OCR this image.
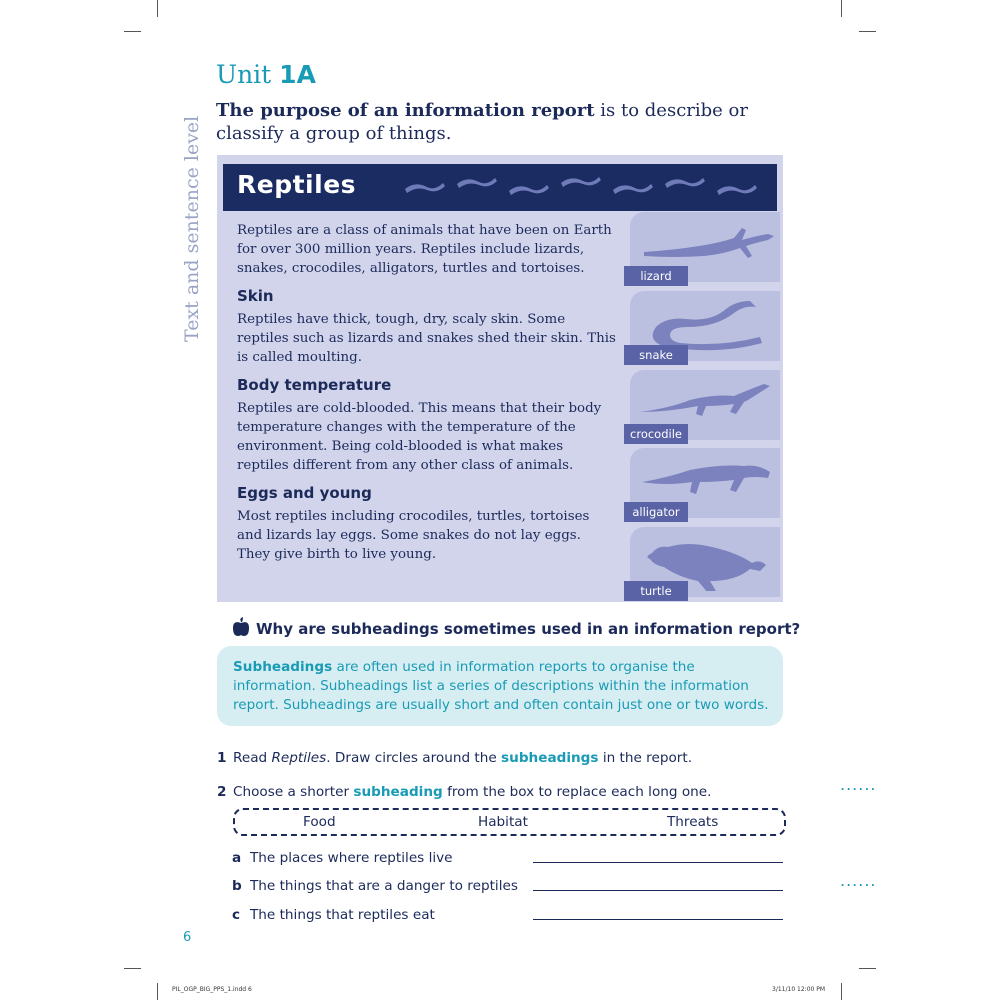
Text and sentence level
Unit 1A
The purpose of an information report is to describe or classify a group of things.
Reptiles

Reptiles are a class of animals that have been on Earth for over 300 million years. Reptiles include lizards, snakes, crocodiles, alligators, turtles and tortoises.

Skin

Reptiles have thick, tough, dry, scaly skin. Some reptiles such as lizards and snakes shed their skin. This is called moulting.

Body temperature

Reptiles are cold-blooded. This means that their body temperature changes with the temperature of the environment. Being cold-blooded is what makes reptiles different from any other class of animals.

Eggs and young

Most reptiles including crocodiles, turtles, tortoises and lizards lay eggs. Some snakes do not lay eggs. They give birth to live young.

lizard
snake
crocodile
alligator
turtle
Why are subheadings sometimes used in an information report?
Subheadings are often used in information reports to organise the information. Subheadings list a series of descriptions within the information report. Subheadings are usually short and often contain just one or two words.
1 Read Reptiles. Draw circles around the subheadings in the report.
......
2 Choose a shorter subheading from the box to replace each long one.
Food	Habitat	Threats
a The places where reptiles live
b The things that are a danger to reptiles	......
c The things that reptiles eat
6
PIL_OGP_BIG_PPS_1.indd 6	3/11/10 12:00 PM
